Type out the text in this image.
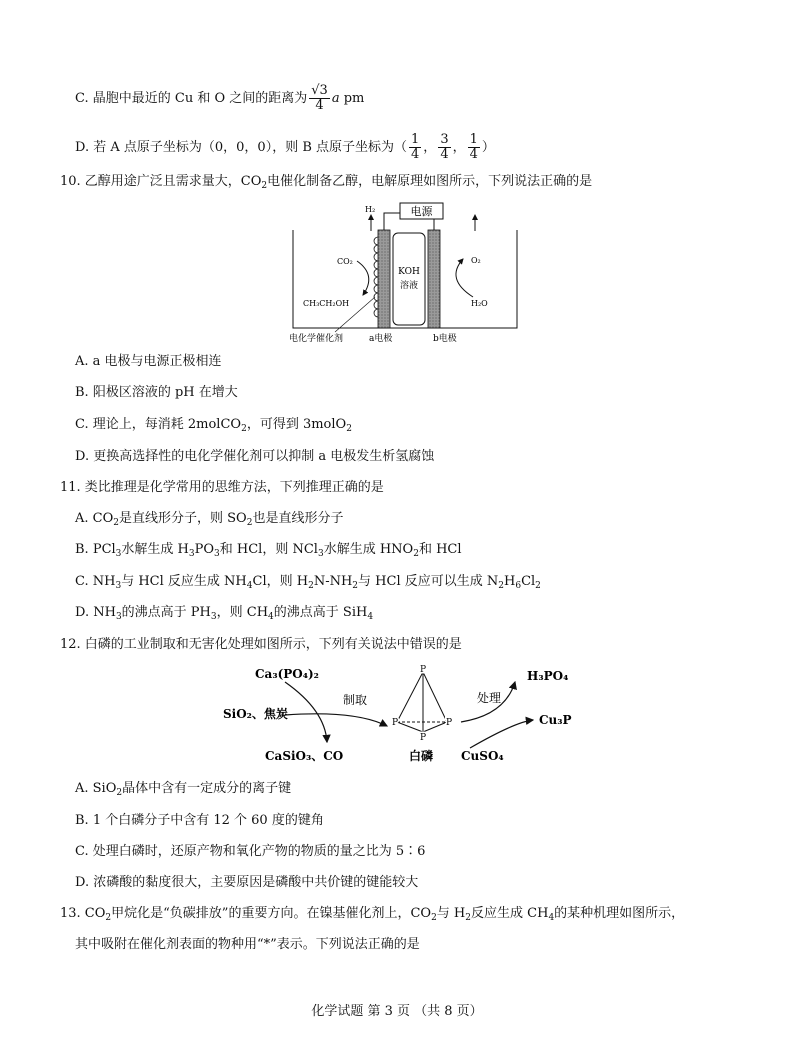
C. 晶胞中最近的 Cu 和 O 之间的距离为 $\frac{√3}{4}$ a pm
D. 若 A 点原子坐标为（0，0，0），则 B 点原子坐标为（ $\frac{1}{4}$ ， $\frac{3}{4}$ ， $\frac{1}{4}$ ）
10. 乙醇用途广泛且需求量大，$CO_2$电催化制备乙醇，电解原理如图所示，下列说法正确的是
电源
H₂
CO₂
CH₃CH₂OH
KOH
溶液
O₂
H₂O
电化学催化剂	a电极	b电极
A. a 电极与电源正极相连
B. 阳极区溶液的 pH 在增大
C. 理论上，每消耗 2molCO$_2$，可得到 3molO$_2$
D. 更换高选择性的电化学催化剂可以抑制 a 电极发生析氢腐蚀
11. 类比推理是化学常用的思维方法，下列推理正确的是
A. $CO_2$是直线形分子，则 $SO_2$也是直线形分子
B. PCl$_3$水解生成 $H_3PO_3$和 HCl，则 NCl$_3$水解生成 $HNO_2$和 HCl
C. $NH_3$与 HCl 反应生成 $NH_4Cl$，则 $H_2N-NH_2$与 HCl 反应可以生成 $N_2H_6Cl_2$
D. $NH_3$的沸点高于 $PH_3$，则 $CH_4$的沸点高于 SiH$_4$
12. 白磷的工业制取和无害化处理如图所示，下列有关说法中错误的是
Ca₃(PO₄)₂
SiO₂、焦炭
制取
CaSiO₃、CO
P
P	P
P
白磷
处理
H₃PO₄
Cu₃P
CuSO₄
A. SiO$_2$晶体中含有一定成分的离子键
B. 1 个白磷分子中含有 12 个 60 度的键角
C. 处理白磷时，还原产物和氧化产物的物质的量之比为 5∶6
D. 浓磷酸的黏度很大，主要原因是磷酸中共价键的键能较大
13. $CO_2$甲烷化是“负碳排放”的重要方向。在镍基催化剂上，$CO_2$与 $H_2$反应生成 $CH_4$的某种机理如图所示，
其中吸附在催化剂表面的物种用“*”表示。下列说法正确的是
化学试题 第 3 页 （共 8 页）
